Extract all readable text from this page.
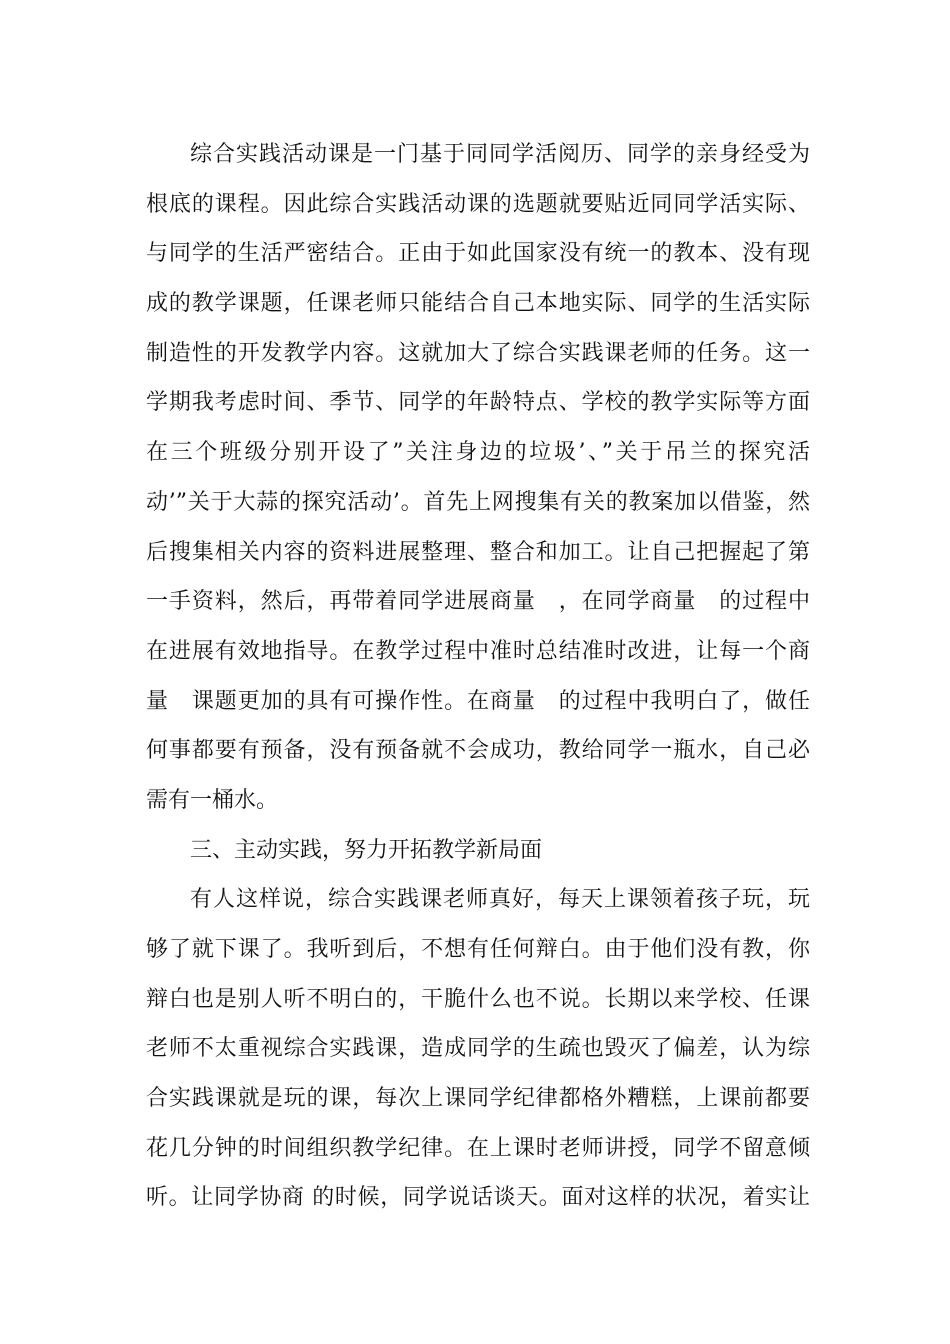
综合实践活动课是一门基于同同学活阅历、同学的亲身经受为
根底的课程。因此综合实践活动课的选题就要贴近同同学活实际、
与同学的生活严密结合。正由于如此国家没有统一的教本、没有现
成的教学课题，任课老师只能结合自己本地实际、同学的生活实际
制造性的开发教学内容。这就加大了综合实践课老师的任务。这一
学期我考虑时间、季节、同学的年龄特点、学校的教学实际等方面
在三个班级分别开设了”关注身边的垃圾’、”关于吊兰的探究活
动’”关于大蒜的探究活动’。首先上网搜集有关的教案加以借鉴，然
后搜集相关内容的资料进展整理、整合和加工。让自己把握起了第
一手资料，然后，再带着同学进展商量　，在同学商量　的过程中
在进展有效地指导。在教学过程中准时总结准时改进，让每一个商
量　课题更加的具有可操作性。在商量　的过程中我明白了，做任
何事都要有预备，没有预备就不会成功，教给同学一瓶水，自己必
需有一桶水。
三、主动实践，努力开拓教学新局面
有人这样说，综合实践课老师真好，每天上课领着孩子玩，玩
够了就下课了。我听到后，不想有任何辩白。由于他们没有教，你
辩白也是别人听不明白的，干脆什么也不说。长期以来学校、任课
老师不太重视综合实践课，造成同学的生疏也毁灭了偏差，认为综
合实践课就是玩的课，每次上课同学纪律都格外糟糕，上课前都要
花几分钟的时间组织教学纪律。在上课时老师讲授，同学不留意倾
听。让同学协商 的时候，同学说话谈天。面对这样的状况，着实让
